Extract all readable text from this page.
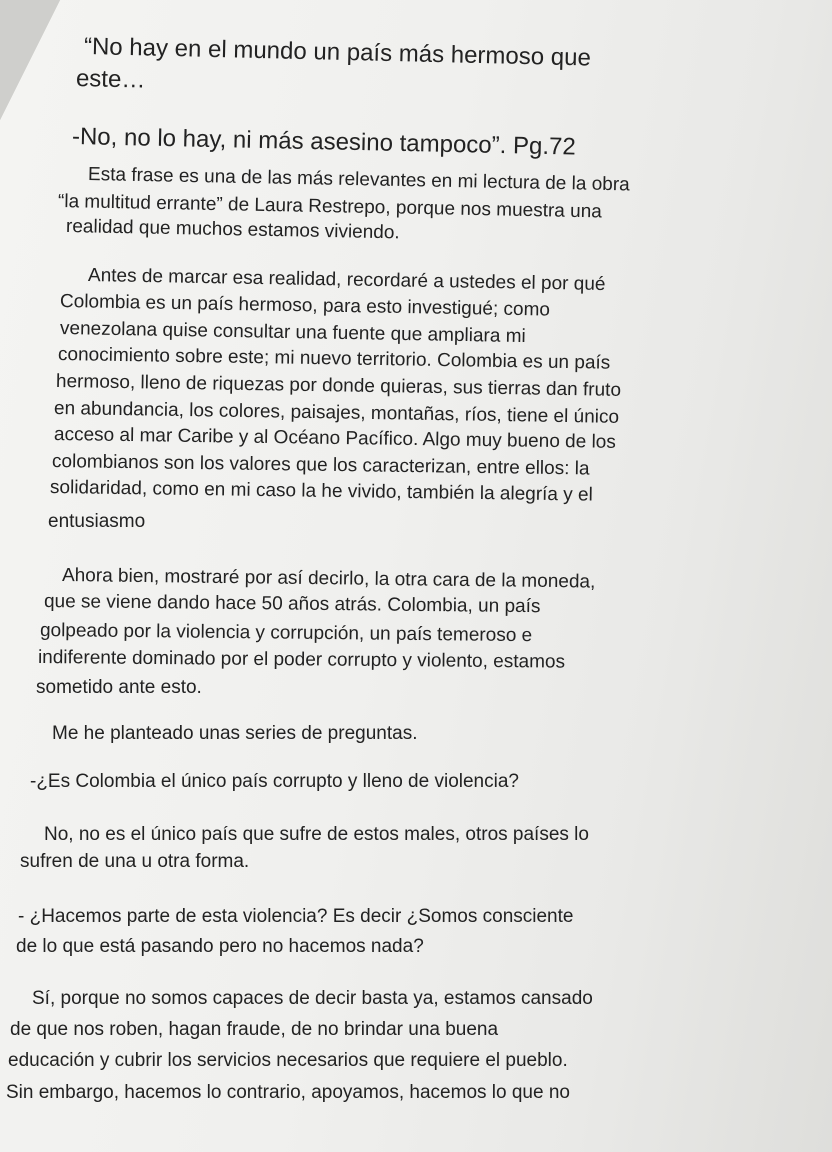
“No hay en el mundo un país más hermoso que

este…

-No, no lo hay, ni más asesino tampoco”. Pg.72

Esta frase es una de las más relevantes en mi lectura de la obra

“la multitud errante” de Laura Restrepo, porque nos muestra una

realidad que muchos estamos viviendo.

Antes de marcar esa realidad, recordaré a ustedes el por qué

Colombia es un país hermoso, para esto investigué; como

venezolana quise consultar una fuente que ampliara mi

conocimiento sobre este; mi nuevo territorio. Colombia es un país

hermoso, lleno de riquezas por donde quieras, sus tierras dan fruto

en abundancia, los colores, paisajes, montañas, ríos, tiene el único

acceso al mar Caribe y al Océano Pacífico. Algo muy bueno de los

colombianos son los valores que los caracterizan, entre ellos: la

solidaridad, como en mi caso la he vivido, también la alegría y el

entusiasmo

Ahora bien, mostraré por así decirlo, la otra cara de la moneda,

que se viene dando hace 50 años atrás. Colombia, un país

golpeado por la violencia y corrupción, un país temeroso e

indiferente dominado por el poder corrupto y violento, estamos

sometido ante esto.

Me he planteado unas series de preguntas.

-¿Es Colombia el único país corrupto y lleno de violencia?

No, no es el único país que sufre de estos males, otros países lo

sufren de una u otra forma.

- ¿Hacemos parte de esta violencia? Es decir ¿Somos consciente

de lo que está pasando pero no hacemos nada?

Sí, porque no somos capaces de decir basta ya, estamos cansado

de que nos roben, hagan fraude, de no brindar una buena

educación y cubrir los servicios necesarios que requiere el pueblo.

Sin embargo, hacemos lo contrario, apoyamos, hacemos lo que no
